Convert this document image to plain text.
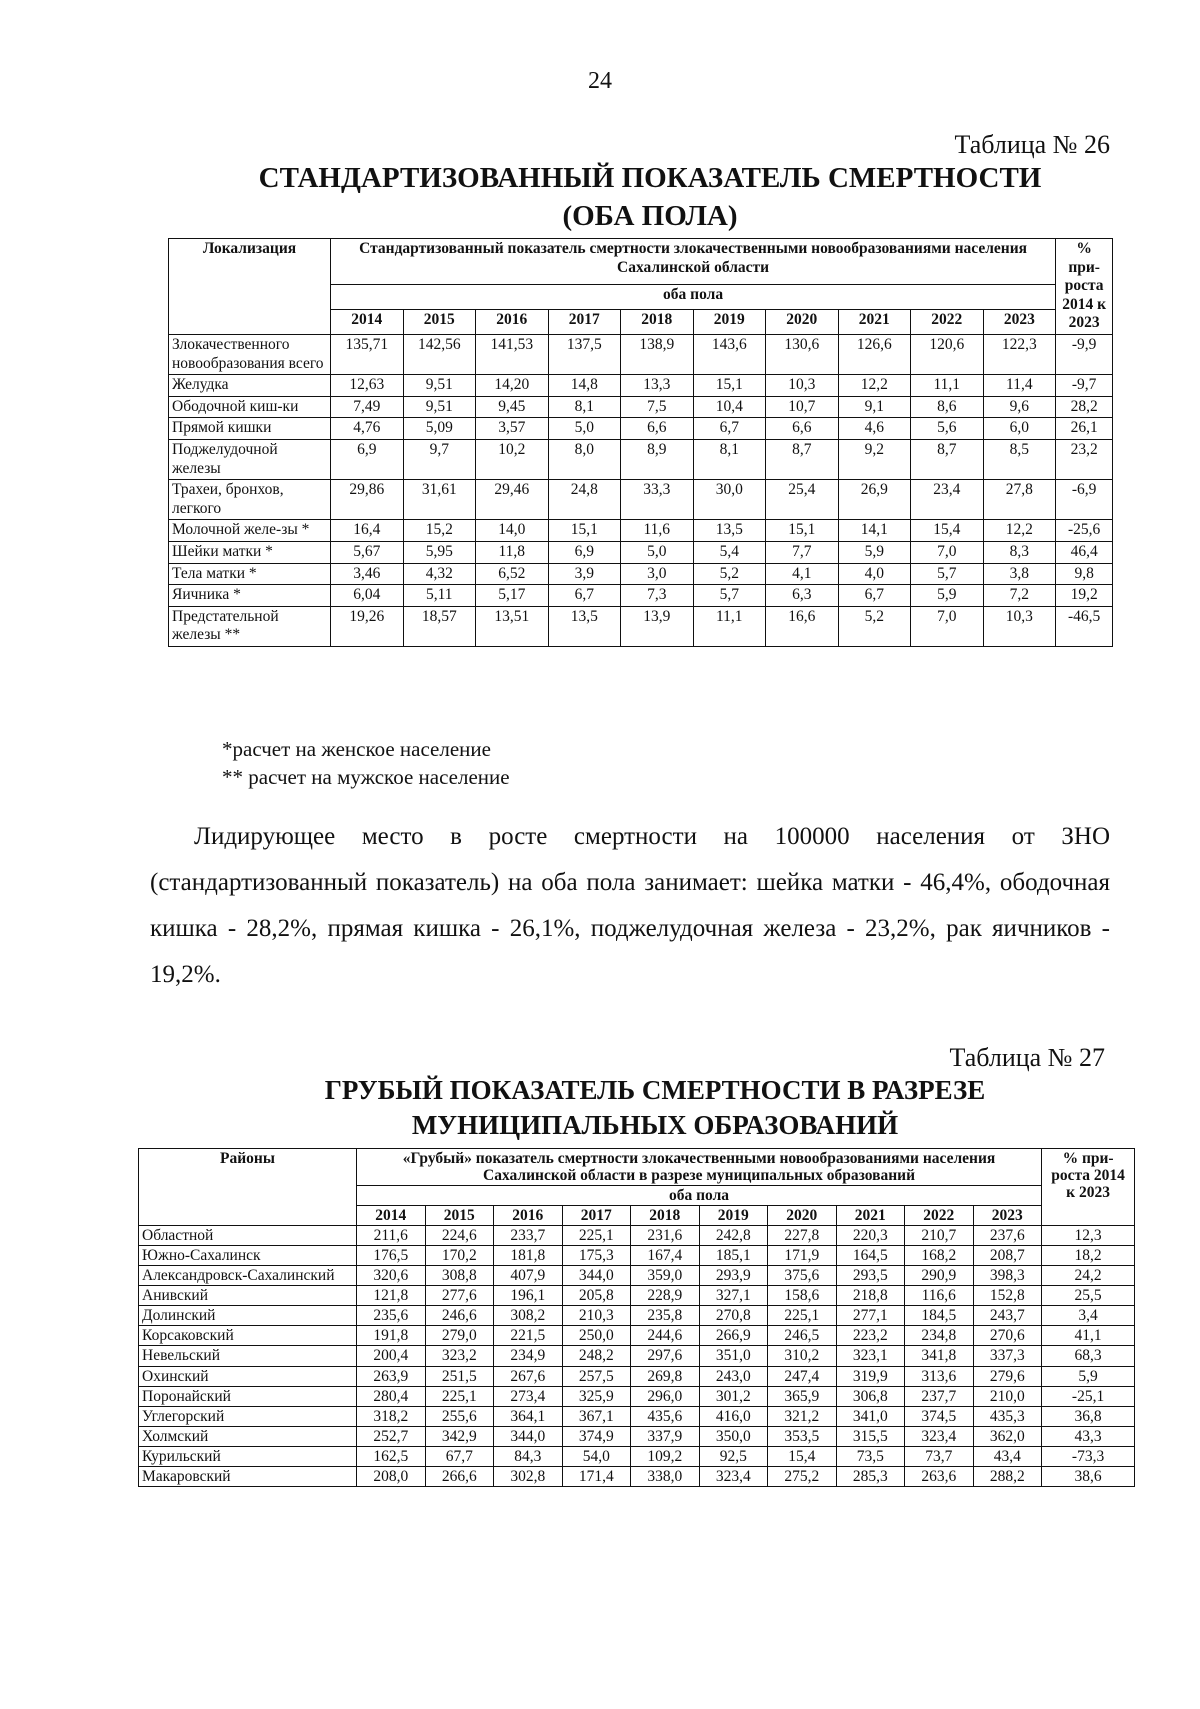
24
Таблица № 26
СТАНДАРТИЗОВАННЫЙ ПОКАЗАТЕЛЬ СМЕРТНОСТИ (ОБА ПОЛА)
Локализация	Стандартизованный показатель смертности злокачественными новообразованиями населения Сахалинской области										% при-роста 2014 к 2023
	оба пола										
	2014	2015	2016	2017	2018	2019	2020	2021	2022	2023	
Злокачественного новообразования всего	135,71	142,56	141,53	137,5	138,9	143,6	130,6	126,6	120,6	122,3	-9,9
Желудка	12,63	9,51	14,20	14,8	13,3	15,1	10,3	12,2	11,1	11,4	-9,7
Ободочной киш-ки	7,49	9,51	9,45	8,1	7,5	10,4	10,7	9,1	8,6	9,6	28,2
Прямой кишки	4,76	5,09	3,57	5,0	6,6	6,7	6,6	4,6	5,6	6,0	26,1
Поджелудочной железы	6,9	9,7	10,2	8,0	8,9	8,1	8,7	9,2	8,7	8,5	23,2
Трахеи, бронхов, легкого	29,86	31,61	29,46	24,8	33,3	30,0	25,4	26,9	23,4	27,8	-6,9
Молочной желе-зы *	16,4	15,2	14,0	15,1	11,6	13,5	15,1	14,1	15,4	12,2	-25,6
Шейки матки *	5,67	5,95	11,8	6,9	5,0	5,4	7,7	5,9	7,0	8,3	46,4
Тела матки *	3,46	4,32	6,52	3,9	3,0	5,2	4,1	4,0	5,7	3,8	9,8
Яичника *	6,04	5,11	5,17	6,7	7,3	5,7	6,3	6,7	5,9	7,2	19,2
Предстательной железы **	19,26	18,57	13,51	13,5	13,9	11,1	16,6	5,2	7,0	10,3	-46,5
*расчет на женское население
** расчет на мужское население
Лидирующее место в росте смертности на 100000 населения от ЗНО (стандартизованный показатель) на оба пола занимает: шейка матки - 46,4%, ободочная кишка - 28,2%, прямая кишка - 26,1%, поджелудочная железа - 23,2%, рак яичников - 19,2%.
Таблица № 27
ГРУБЫЙ ПОКАЗАТЕЛЬ СМЕРТНОСТИ В РАЗРЕЗЕ МУНИЦИПАЛЬНЫХ ОБРАЗОВАНИЙ
Районы	«Грубый» показатель смертности злокачественными новообразованиями населения Сахалинской области в разрезе муниципальных образований										% при-роста 2014 к 2023
	оба пола										
	2014	2015	2016	2017	2018	2019	2020	2021	2022	2023	
Областной	211,6	224,6	233,7	225,1	231,6	242,8	227,8	220,3	210,7	237,6	12,3
Южно-Сахалинск	176,5	170,2	181,8	175,3	167,4	185,1	171,9	164,5	168,2	208,7	18,2
Александровск-Сахалинский	320,6	308,8	407,9	344,0	359,0	293,9	375,6	293,5	290,9	398,3	24,2
Анивский	121,8	277,6	196,1	205,8	228,9	327,1	158,6	218,8	116,6	152,8	25,5
Долинский	235,6	246,6	308,2	210,3	235,8	270,8	225,1	277,1	184,5	243,7	3,4
Корсаковский	191,8	279,0	221,5	250,0	244,6	266,9	246,5	223,2	234,8	270,6	41,1
Невельский	200,4	323,2	234,9	248,2	297,6	351,0	310,2	323,1	341,8	337,3	68,3
Охинский	263,9	251,5	267,6	257,5	269,8	243,0	247,4	319,9	313,6	279,6	5,9
Поронайский	280,4	225,1	273,4	325,9	296,0	301,2	365,9	306,8	237,7	210,0	-25,1
Углегорский	318,2	255,6	364,1	367,1	435,6	416,0	321,2	341,0	374,5	435,3	36,8
Холмский	252,7	342,9	344,0	374,9	337,9	350,0	353,5	315,5	323,4	362,0	43,3
Курильский	162,5	67,7	84,3	54,0	109,2	92,5	15,4	73,5	73,7	43,4	-73,3
Макаровский	208,0	266,6	302,8	171,4	338,0	323,4	275,2	285,3	263,6	288,2	38,6
